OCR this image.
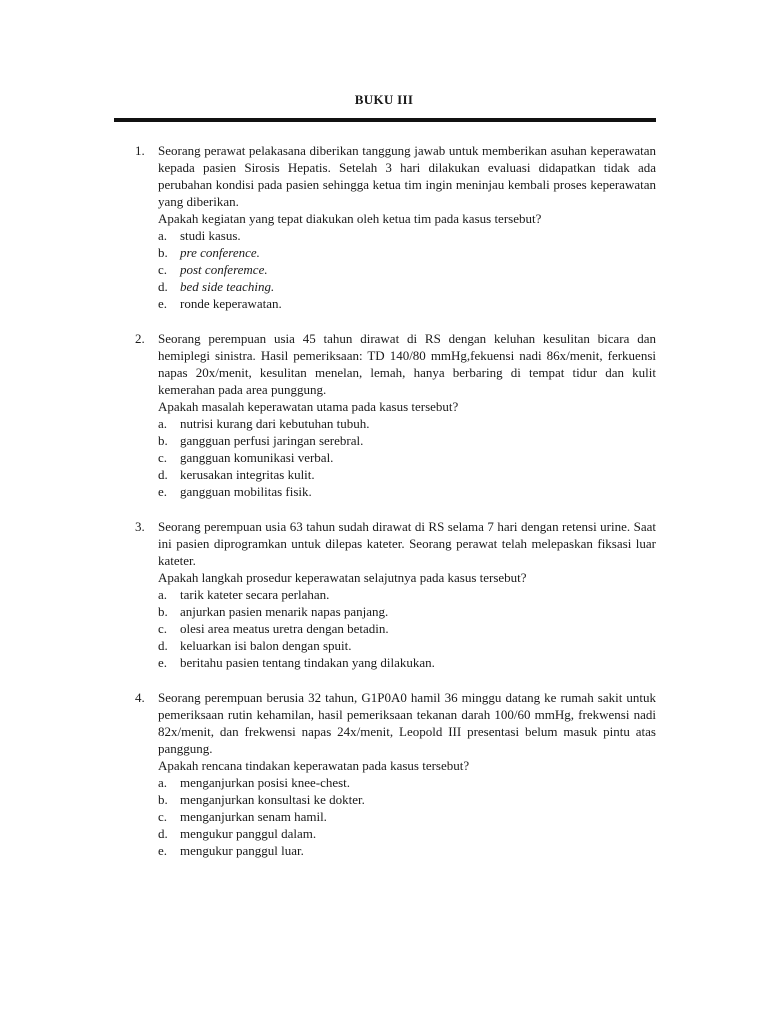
BUKU III
1. Seorang perawat pelakasana diberikan tanggung jawab untuk memberikan asuhan keperawatan kepada pasien Sirosis Hepatis. Setelah 3 hari dilakukan evaluasi didapatkan tidak ada perubahan kondisi pada pasien sehingga ketua tim ingin meninjau kembali proses keperawatan yang diberikan.
Apakah kegiatan yang tepat diakukan oleh ketua tim pada kasus tersebut?
a. studi kasus.
b. pre conference.
c. post conferemce.
d. bed side teaching.
e. ronde keperawatan.
2. Seorang perempuan usia 45 tahun dirawat di RS dengan keluhan kesulitan bicara dan hemiplegi sinistra. Hasil pemeriksaan: TD 140/80 mmHg,fekuensi nadi 86x/menit, ferkuensi napas 20x/menit, kesulitan menelan, lemah, hanya berbaring di tempat tidur dan kulit kemerahan pada area punggung.
Apakah masalah keperawatan utama pada kasus tersebut?
a. nutrisi kurang dari kebutuhan tubuh.
b. gangguan perfusi jaringan serebral.
c. gangguan komunikasi verbal.
d. kerusakan integritas kulit.
e. gangguan mobilitas fisik.
3. Seorang perempuan usia 63 tahun sudah dirawat di RS selama 7 hari dengan retensi urine. Saat ini pasien diprogramkan untuk dilepas kateter. Seorang perawat telah melepaskan fiksasi luar kateter.
Apakah langkah prosedur keperawatan selajutnya pada kasus tersebut?
a. tarik kateter secara perlahan.
b. anjurkan pasien menarik napas panjang.
c. olesi area meatus uretra dengan betadin.
d. keluarkan isi balon dengan spuit.
e. beritahu pasien tentang tindakan yang dilakukan.
4. Seorang perempuan berusia 32 tahun, G1P0A0 hamil 36 minggu datang ke rumah sakit untuk pemeriksaan rutin kehamilan, hasil pemeriksaan tekanan darah 100/60 mmHg, frekwensi nadi 82x/menit, dan frekwensi napas 24x/menit, Leopold III presentasi belum masuk pintu atas panggung.
Apakah rencana tindakan keperawatan pada kasus tersebut?
a. menganjurkan posisi knee-chest.
b. menganjurkan konsultasi ke dokter.
c. menganjurkan senam hamil.
d. mengukur panggul dalam.
e. mengukur panggul luar.
